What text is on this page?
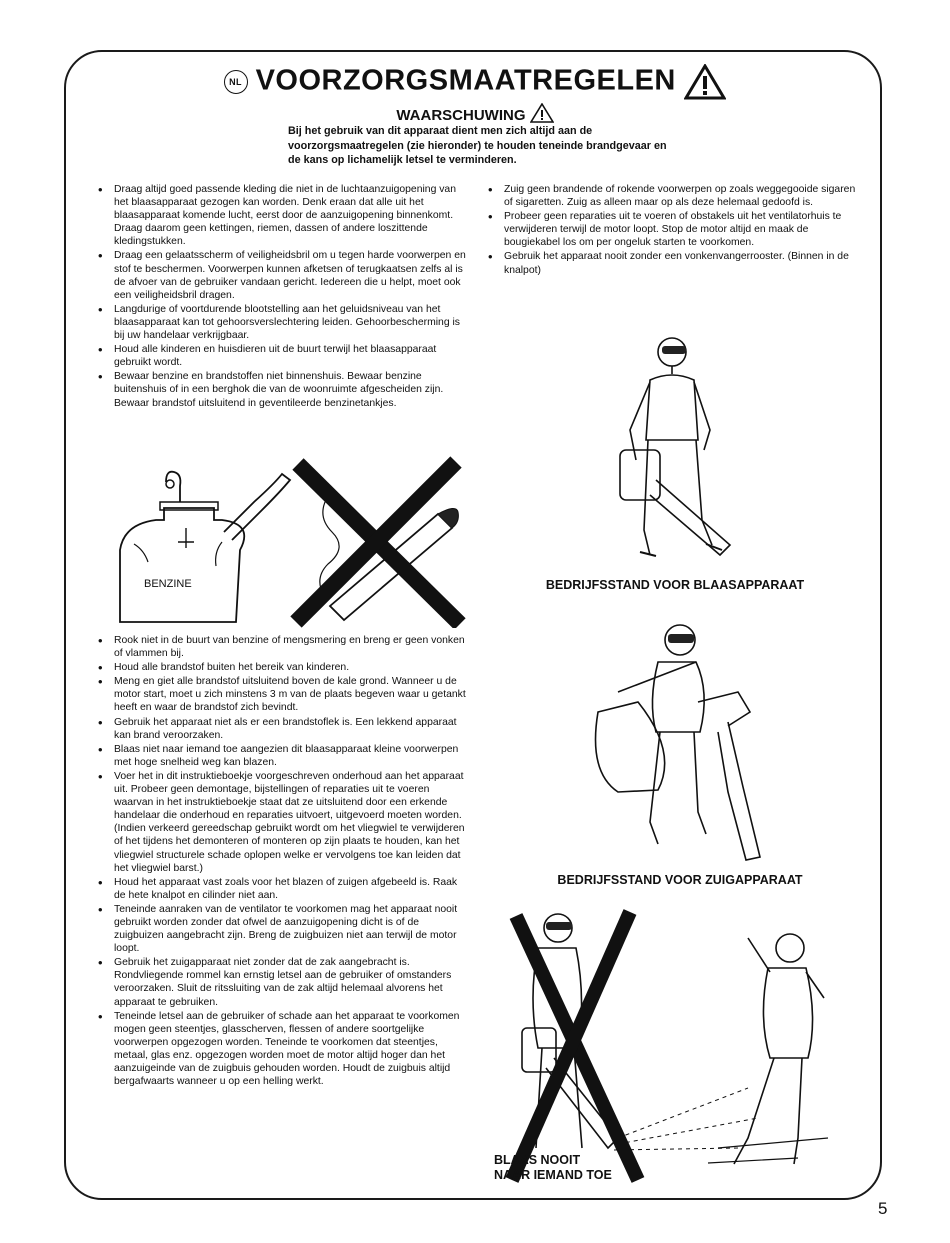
NL VOORZORGSMAATREGELEN
WAARSCHUWING
Bij het gebruik van dit apparaat dient men zich altijd aan de voorzorgsmaatregelen (zie hieronder) te houden teneinde brandgevaar en de kans op lichamelijk letsel te verminderen.
• Draag altijd goed passende kleding die niet in de luchtaanzuigopening van het blaasapparaat gezogen kan worden. Denk eraan dat alle uit het blaasapparaat komende lucht, eerst door de aanzuigopening binnenkomt. Draag daarom geen kettingen, riemen, dassen of andere loszittende kledingstukken.
• Draag een gelaatsscherm of veiligheidsbril om u tegen harde voorwerpen en stof te beschermen. Voorwerpen kunnen afketsen of terugkaatsen zelfs al is de afvoer van de gebruiker vandaan gericht. Iedereen die u helpt, moet ook een veiligheidsbril dragen.
• Langdurige of voortdurende blootstelling aan het geluidsniveau van het blaasapparaat kan tot gehoorsverslechtering leiden. Gehoorbescherming is bij uw handelaar verkrijgbaar.
• Houd alle kinderen en huisdieren uit de buurt terwijl het blaasapparaat gebruikt wordt.
• Bewaar benzine en brandstoffen niet binnenshuis. Bewaar benzine buitenshuis of in een berghok die van de woonruimte afgescheiden zijn. Bewaar brandstof uitsluitend in geventileerde benzinetankjes.
BENZINE
• Rook niet in de buurt van benzine of mengsmering en breng er geen vonken of vlammen bij.
• Houd alle brandstof buiten het bereik van kinderen.
• Meng en giet alle brandstof uitsluitend boven de kale grond. Wanneer u de motor start, moet u zich minstens 3 m van de plaats begeven waar u getankt heeft en waar de brandstof zich bevindt.
• Gebruik het apparaat niet als er een brandstoflek is. Een lekkend apparaat kan brand veroorzaken.
• Blaas niet naar iemand toe aangezien dit blaasapparaat kleine voorwerpen met hoge snelheid weg kan blazen.
• Voer het in dit instruktieboekje voorgeschreven onderhoud aan het apparaat uit. Probeer geen demontage, bijstellingen of reparaties uit te voeren waarvan in het instruktieboekje staat dat ze uitsluitend door een erkende handelaar die onderhoud en reparaties uitvoert, uitgevoerd moeten worden. (Indien verkeerd gereedschap gebruikt wordt om het vliegwiel te verwijderen of het tijdens het demonteren of monteren op zijn plaats te houden, kan het vliegwiel structurele schade oplopen welke er vervolgens toe kan leiden dat het vliegwiel barst.)
• Houd het apparaat vast zoals voor het blazen of zuigen afgebeeld is. Raak de hete knalpot en cilinder niet aan.
• Teneinde aanraken van de ventilator te voorkomen mag het apparaat nooit gebruikt worden zonder dat ofwel de aanzuigopening dicht is of de zuigbuizen aangebracht zijn. Breng de zuigbuizen niet aan terwijl de motor loopt.
• Gebruik het zuigapparaat niet zonder dat de zak aangebracht is. Rondvliegende rommel kan ernstig letsel aan de gebruiker of omstanders veroorzaken. Sluit de ritssluiting van de zak altijd helemaal alvorens het apparaat te gebruiken.
• Teneinde letsel aan de gebruiker of schade aan het apparaat te voorkomen mogen geen steentjes, glasscherven, flessen of andere soortgelijke voorwerpen opgezogen worden. Teneinde te voorkomen dat steentjes, metaal, glas enz. opgezogen worden moet de motor altijd hoger dan het aanzuigeinde van de zuigbuis gehouden worden. Houdt de zuigbuis altijd bergafwaarts wanneer u op een helling werkt.
• Zuig geen brandende of rokende voorwerpen op zoals weggegooide sigaren of sigaretten. Zuig as alleen maar op als deze helemaal gedoofd is.
• Probeer geen reparaties uit te voeren of obstakels uit het ventilatorhuis te verwijderen terwijl de motor loopt. Stop de motor altijd en maak de bougiekabel los om per ongeluk starten te voorkomen.
• Gebruik het apparaat nooit zonder een vonkenvangerrooster. (Binnen in de knalpot)
BEDRIJFSSTAND VOOR BLAASAPPARAAT
BEDRIJFSSTAND VOOR ZUIGAPPARAAT
BLAAS NOOIT
NAAR IEMAND TOE
5
